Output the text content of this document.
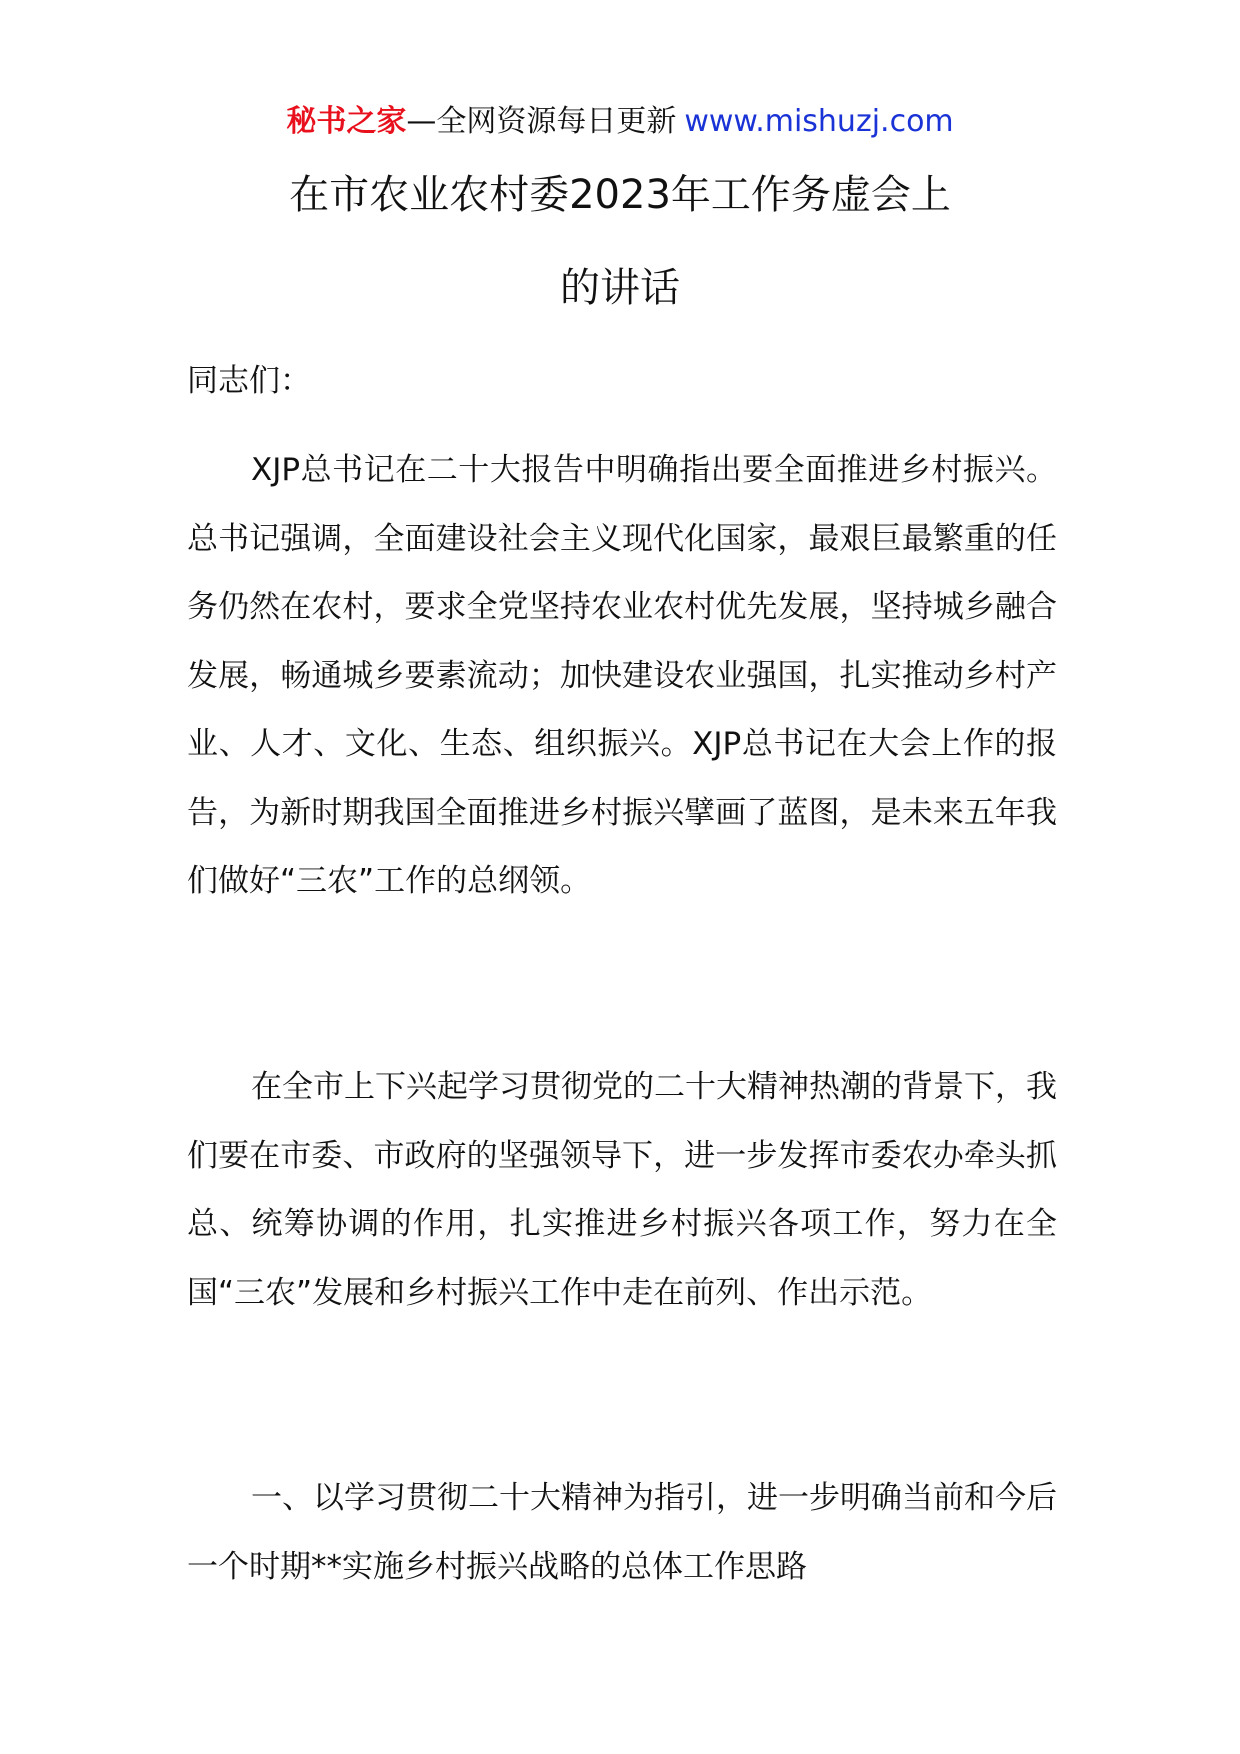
秘书之家—全网资源每日更新 www.mishuzj.com
在市农业农村委2023年工作务虚会上
的讲话
同志们：
XJP总书记在二十大报告中明确指出要全面推进乡村振兴。总书记强调，全面建设社会主义现代化国家，最艰巨最繁重的任务仍然在农村，要求全党坚持农业农村优先发展，坚持城乡融合发展，畅通城乡要素流动；加快建设农业强国，扎实推动乡村产业、人才、文化、生态、组织振兴。XJP总书记在大会上作的报告，为新时期我国全面推进乡村振兴擘画了蓝图，是未来五年我们做好“三农”工作的总纲领。
在全市上下兴起学习贯彻党的二十大精神热潮的背景下，我们要在市委、市政府的坚强领导下，进一步发挥市委农办牵头抓总、统筹协调的作用，扎实推进乡村振兴各项工作，努力在全国“三农”发展和乡村振兴工作中走在前列、作出示范。
一、以学习贯彻二十大精神为指引，进一步明确当前和今后一个时期**实施乡村振兴战略的总体工作思路
